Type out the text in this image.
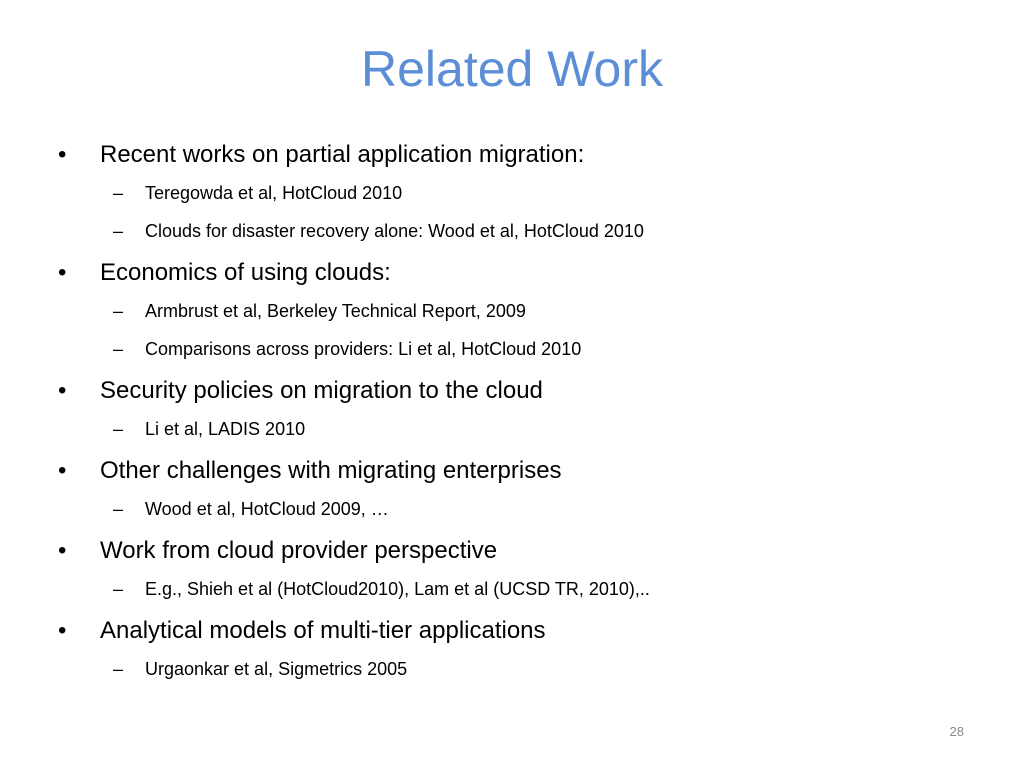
Related Work
• Recent works on partial application migration:
– Teregowda et al, HotCloud 2010
– Clouds for disaster recovery alone: Wood et al, HotCloud 2010
• Economics of using clouds:
– Armbrust et al, Berkeley Technical Report, 2009
– Comparisons across providers: Li et al, HotCloud 2010
• Security policies on migration to the cloud
– Li et al, LADIS 2010
• Other challenges with migrating enterprises
– Wood et al, HotCloud 2009, …
• Work from cloud provider perspective
– E.g., Shieh et al (HotCloud2010), Lam et al (UCSD TR, 2010),..
• Analytical models of multi-tier applications
– Urgaonkar et al, Sigmetrics 2005
28
